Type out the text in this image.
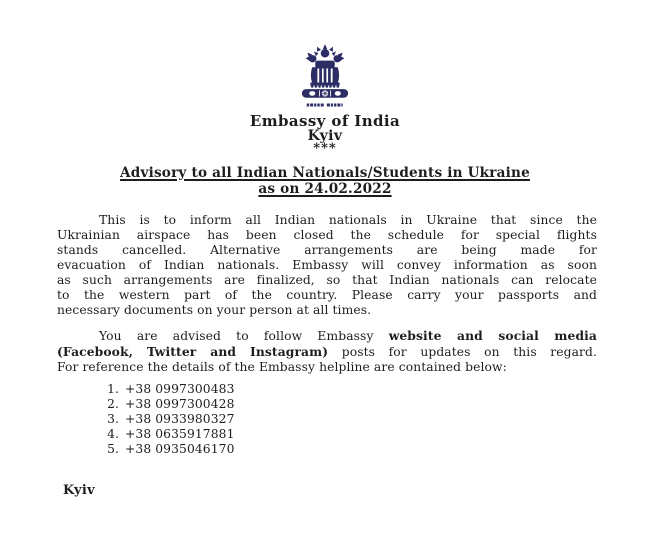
Embassy of India
Kyiv
***
Advisory to all Indian Nationals/Students in Ukraine
as on 24.02.2022
This is to inform all Indian nationals in Ukraine that since the
Ukrainian airspace has been closed the schedule for special flights
stands cancelled. Alternative arrangements are being made for
evacuation of Indian nationals. Embassy will convey information as soon
as such arrangements are finalized, so that Indian nationals can relocate
to the western part of the country. Please carry your passports and
necessary documents on your person at all times.
You are advised to follow Embassy website and social media
(Facebook, Twitter and Instagram) posts for updates on this regard.
For reference the details of the Embassy helpline are contained below:
1. +38 0997300483
2. +38 0997300428
3. +38 0933980327
4. +38 0635917881
5. +38 0935046170
Kyiv
